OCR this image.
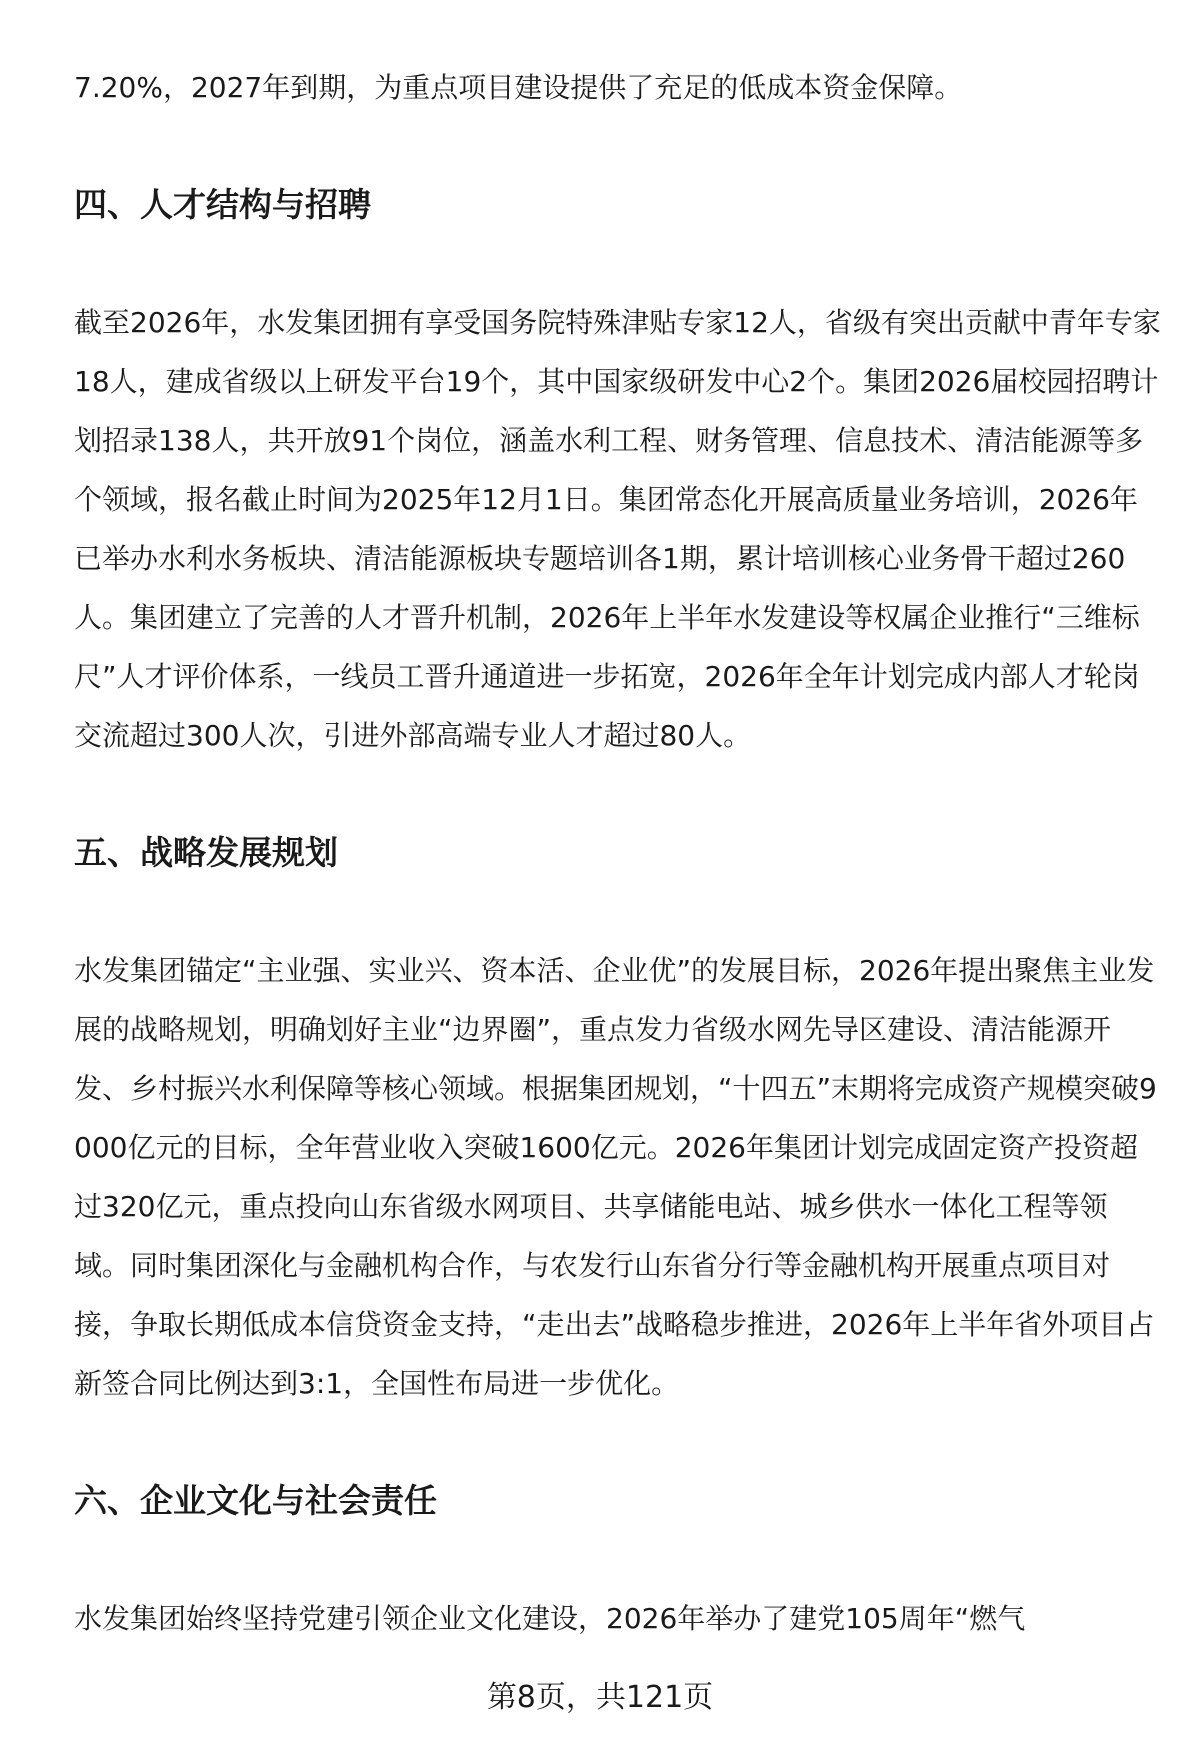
7.20%，2027年到期，为重点项目建设提供了充足的低成本资金保障。

四、人才结构与招聘

截至2026年，水发集团拥有享受国务院特殊津贴专家12人，省级有突出贡献中青年专家18人，建成省级以上研发平台19个，其中国家级研发中心2个。集团2026届校园招聘计划招录138人，共开放91个岗位，涵盖水利工程、财务管理、信息技术、清洁能源等多个领域，报名截止时间为2025年12月1日。集团常态化开展高质量业务培训，2026年已举办水利水务板块、清洁能源板块专题培训各1期，累计培训核心业务骨干超过260人。集团建立了完善的人才晋升机制，2026年上半年水发建设等权属企业推行“三维标尺”人才评价体系，一线员工晋升通道进一步拓宽，2026年全年计划完成内部人才轮岗交流超过300人次，引进外部高端专业人才超过80人。

五、战略发展规划

水发集团锚定“主业强、实业兴、资本活、企业优”的发展目标，2026年提出聚焦主业发展的战略规划，明确划好主业“边界圈”，重点发力省级水网先导区建设、清洁能源开发、乡村振兴水利保障等核心领域。根据集团规划，“十四五”末期将完成资产规模突破9000亿元的目标，全年营业收入突破1600亿元。2026年集团计划完成固定资产投资超过320亿元，重点投向山东省级水网项目、共享储能电站、城乡供水一体化工程等领域。同时集团深化与金融机构合作，与农发行山东省分行等金融机构开展重点项目对接，争取长期低成本信贷资金支持，“走出去”战略稳步推进，2026年上半年省外项目占新签合同比例达到3:1，全国性布局进一步优化。

六、企业文化与社会责任

水发集团始终坚持党建引领企业文化建设，2026年举办了建党105周年“燃气

第8页，共121页
